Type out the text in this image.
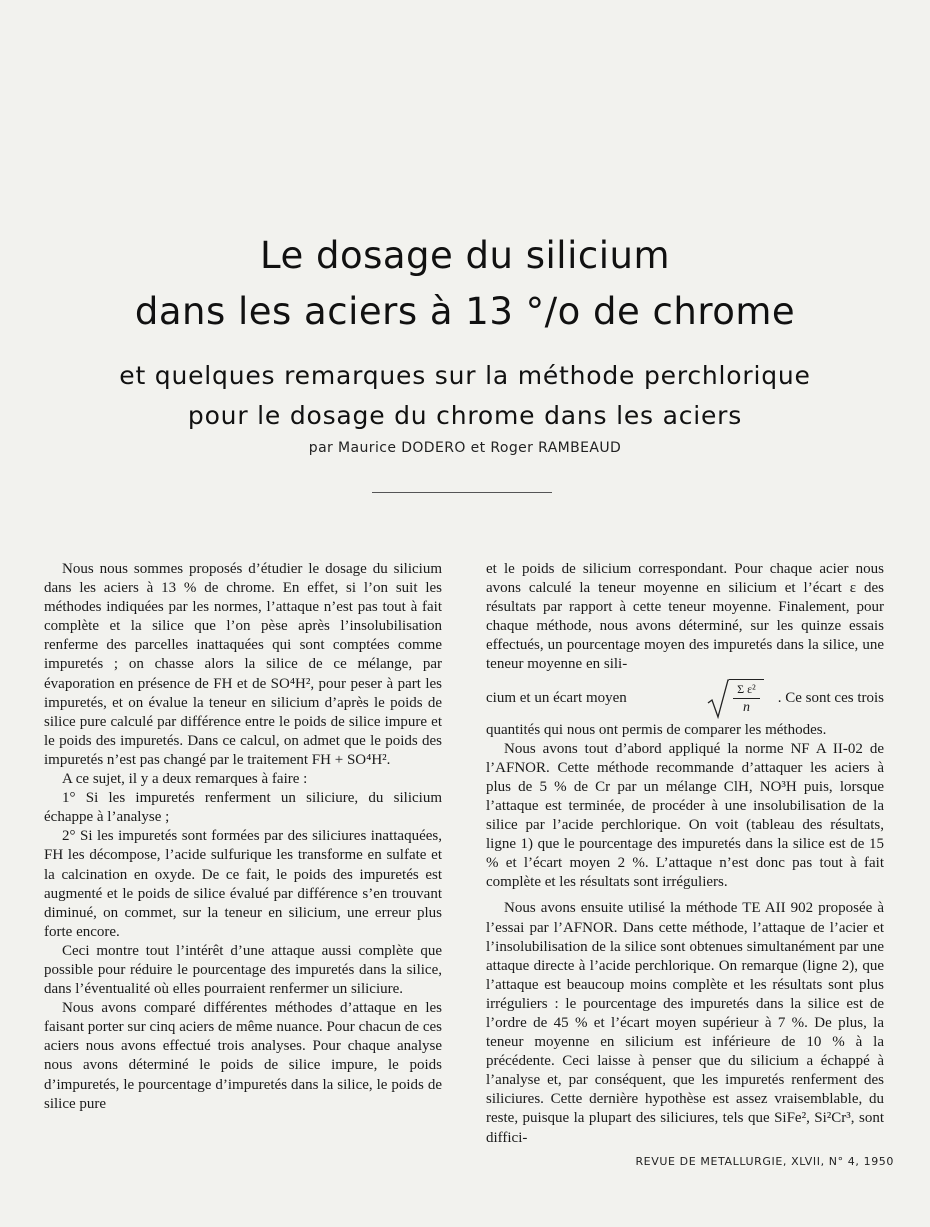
Le dosage du silicium
dans les aciers à 13 °/o de chrome
et quelques remarques sur la méthode perchlorique
pour le dosage du chrome dans les aciers
par Maurice DODERO et Roger RAMBEAUD

Nous nous sommes proposés d’étudier le dosage du silicium dans les aciers à 13 % de chrome. En effet, si l’on suit les méthodes indiquées par les normes, l’attaque n’est pas tout à fait complète et la silice que l’on pèse après l’insolubilisation renferme des parcelles inattaquées qui sont comptées comme impuretés ; on chasse alors la silice de ce mélange, par évaporation en présence de FH et de SO⁴H², pour peser à part les impuretés, et on évalue la teneur en silicium d’après le poids de silice pure calculé par différence entre le poids de silice impure et le poids des impuretés. Dans ce calcul, on admet que le poids des impuretés n’est pas changé par le traitement FH + SO⁴H².

A ce sujet, il y a deux remarques à faire :

1° Si les impuretés renferment un siliciure, du silicium échappe à l’analyse ;

2° Si les impuretés sont formées par des siliciures inattaquées, FH les décompose, l’acide sulfurique les transforme en sulfate et la calcination en oxyde. De ce fait, le poids des impuretés est augmenté et le poids de silice évalué par différence s’en trouvant diminué, on commet, sur la teneur en silicium, une erreur plus forte encore.

Ceci montre tout l’intérêt d’une attaque aussi complète que possible pour réduire le pourcentage des impuretés dans la silice, dans l’éventualité où elles pourraient renfermer un siliciure.

Nous avons comparé différentes méthodes d’attaque en les faisant porter sur cinq aciers de même nuance. Pour chacun de ces aciers nous avons effectué trois analyses. Pour chaque analyse nous avons déterminé le poids de silice impure, le poids d’impuretés, le pourcentage d’impuretés dans la silice, le poids de silice pure

et le poids de silicium correspondant. Pour chaque acier nous avons calculé la teneur moyenne en silicium et l’écart ε des résultats par rapport à cette teneur moyenne. Finalement, pour chaque méthode, nous avons déterminé, sur les quinze essais effectués, un pourcentage moyen des impuretés dans la silice, une teneur moyenne en sili-

cium et un écart moyen	$\frac{\text{Σ ε²}}{n}$ . Ce sont ces trois

quantités qui nous ont permis de comparer les méthodes.

Nous avons tout d’abord appliqué la norme NF A II-02 de l’AFNOR. Cette méthode recommande d’attaquer les aciers à plus de 5 % de Cr par un mélange ClH, NO³H puis, lorsque l’attaque est terminée, de procéder à une insolubilisation de la silice par l’acide perchlorique. On voit (tableau des résultats, ligne 1) que le pourcentage des impuretés dans la silice est de 15 % et l’écart moyen 2 %. L’attaque n’est donc pas tout à fait complète et les résultats sont irréguliers.

Nous avons ensuite utilisé la méthode TE AII 902 proposée à l’essai par l’AFNOR. Dans cette méthode, l’attaque de l’acier et l’insolubilisation de la silice sont obtenues simultanément par une attaque directe à l’acide perchlorique. On remarque (ligne 2), que l’attaque est beaucoup moins complète et les résultats sont plus irréguliers : le pourcentage des impuretés dans la silice est de l’ordre de 45 % et l’écart moyen supérieur à 7 %. De plus, la teneur moyenne en silicium est inférieure de 10 % à la précédente. Ceci laisse à penser que du silicium a échappé à l’analyse et, par conséquent, que les impuretés renferment des siliciures. Cette dernière hypothèse est assez vraisemblable, du reste, puisque la plupart des siliciures, tels que SiFe², Si²Cr³, sont diffici-

REVUE DE METALLURGIE, XLVII, N° 4, 1950
